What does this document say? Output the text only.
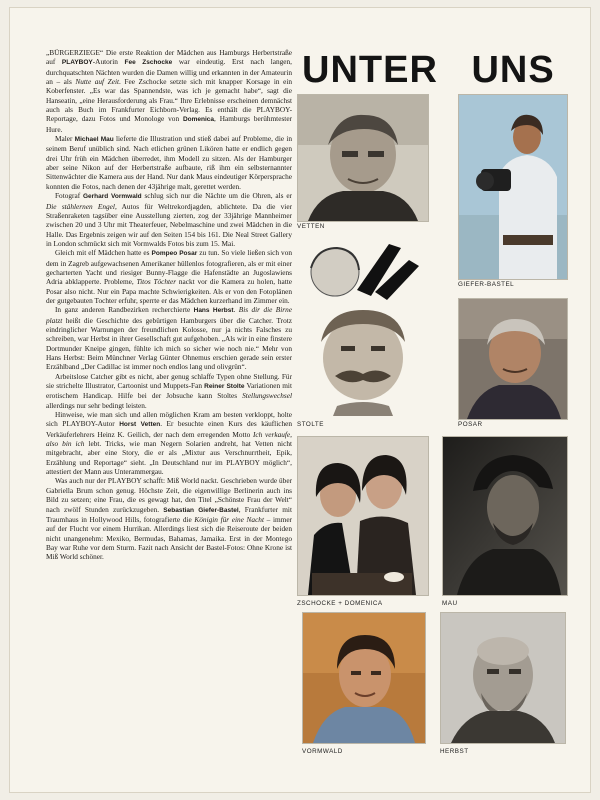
„BÜRGERZIEGE“ Die erste Reaktion der Mädchen aus Hamburgs Herbertstraße auf PLAYBOY-Autorin Fee Zschocke war eindeutig. Erst nach langen, durchquatschten Nächten wurden die Damen willig und erkannten in der Amateurin an – als Nutte auf Zeit. Fee Zschocke setzte sich mit knapper Korsage in ein Koberfenster. „Es war das Spannendste, was ich je gemacht habe“, sagt die Hanseatin, „eine Herausforderung als Frau.“ Ihre Erlebnisse erscheinen demnächst auch als Buch im Frankfurter Eichborn-Verlag. Es enthält die PLAYBOY-Reportage, dazu Fotos und Monologe von Domenica, Hamburgs berühmtester Hure.

Maler Michael Mau lieferte die Illustration und stieß dabei auf Probleme, die in seinem Beruf unüblich sind. Nach etlichen grünen Likören hatte er endlich gegen drei Uhr früh ein Mädchen überredet, ihm Modell zu sitzen. Als der Hamburger aber seine Nikon auf der Herbertstraße aufbaute, riß ihm ein selbsternannter Sittenwächter die Kamera aus der Hand. Nur dank Maus eindeutiger Körpersprache konnten die Fotos, nach denen der 43jährige malt, gerettet werden.

Fotograf Gerhard Vormwald schlug sich nur die Nächte um die Ohren, als er Die stählernen Engel, Autos für Weltrekordjagden, ablichtete. Da die vier Straßenraketen tagsüber eine Ausstellung zierten, zog der 33jährige Mannheimer zwischen 20 und 3 Uhr mit Theaterfeuer, Nebelmaschine und zwei Mädchen in die Halle. Das Ergebnis zeigen wir auf den Seiten 154 bis 161. Die Neal Street Gallery in London schmückt sich mit Vormwalds Fotos bis zum 15. Mai.

Gleich mit elf Mädchen hatte es Pompeo Posar zu tun. So viele ließen sich von dem in Zagreb aufgewachsenen Amerikaner hüllenlos fotografieren, als er mit einer gecharterten Yacht und riesiger Bunny-Flagge die Hafenstädte an Jugoslawiens Adria abklapperte. Probleme, Titos Töchter nackt vor die Kamera zu holen, hatte Posar also nicht. Nur ein Papa machte Schwierigkeiten. Als er von den Fotoplänen der gutgebauten Tochter erfuhr, sperrte er das Mädchen kurzerhand im Zimmer ein.

In ganz anderen Randbezirken recherchierte Hans Herbst. Bis dir die Birne platzt heißt die Geschichte des gebürtigen Hamburgers über die Catcher. Trotz eindringlicher Warnungen der freundlichen Kolosse, nur ja nichts Falsches zu schreiben, war Herbst in ihrer Gesellschaft gut aufgehoben. „Als wir in eine finstere Dortmunder Kneipe gingen, fühlte ich mich so sicher wie noch nie.“ Mehr von Hans Herbst: Beim Münchner Verlag Günter Ohnemus erschien gerade sein erster Erzählband „Der Cadillac ist immer noch endlos lang und olivgrün“.

Arbeitslose Catcher gibt es nicht, aber genug schlaffe Typen ohne Stellung. Für sie strichelte Illustrator, Cartoonist und Muppets-Fan Reiner Stolte Variationen mit erotischem Handicap. Hilfe bei der Jobsuche kann Stoltes Stellungswechsel allerdings nur sehr bedingt leisten.

Hinweise, wie man sich und allen möglichen Kram am besten verkloppt, holte sich PLAYBOY-Autor Horst Vetten. Er besuchte einen Kurs des käuflichen Verkäuferlehrers Heinz K. Geilich, der nach dem erregenden Motto Ich verkaufe, also bin ich lebt. Tricks, wie man Negern Solarien andreht, hat Vetten nicht mitgebracht, aber eine Story, die er als „Mixtur aus Verschnurrtheit, Epik, Erzählung und Reportage“ sieht. „In Deutschland nur im PLAYBOY möglich“, attestiert der Mann aus Unterammergau.

Was auch nur der PLAYBOY schafft: Miß World nackt. Geschrieben wurde über Gabriella Brum schon genug. Höchste Zeit, die eigenwillige Berlinerin auch ins Bild zu setzen; eine Frau, die es gewagt hat, den Titel „Schönste Frau der Welt“ nach zwölf Stunden zurückzugeben. Sebastian Giefer-Bastel, Frankfurter mit Traumhaus in Hollywood Hills, fotografierte die Königin für eine Nacht – immer auf der Flucht vor einem Hurrikan. Allerdings liest sich die Reiseroute der beiden nicht unangenehm: Mexiko, Bermudas, Bahamas, Jamaika. Erst in der Montego Bay war Ruhe vor dem Sturm. Fazit nach Ansicht der Bastel-Fotos: Ohne Krone ist Miß World schöner.

UNTER UNS
VETTEN
GIEFER-BASTEL
STOLTE	POSAR
ZSCHOCKE + DOMENICA	MAU
VORMWALD	HERBST
